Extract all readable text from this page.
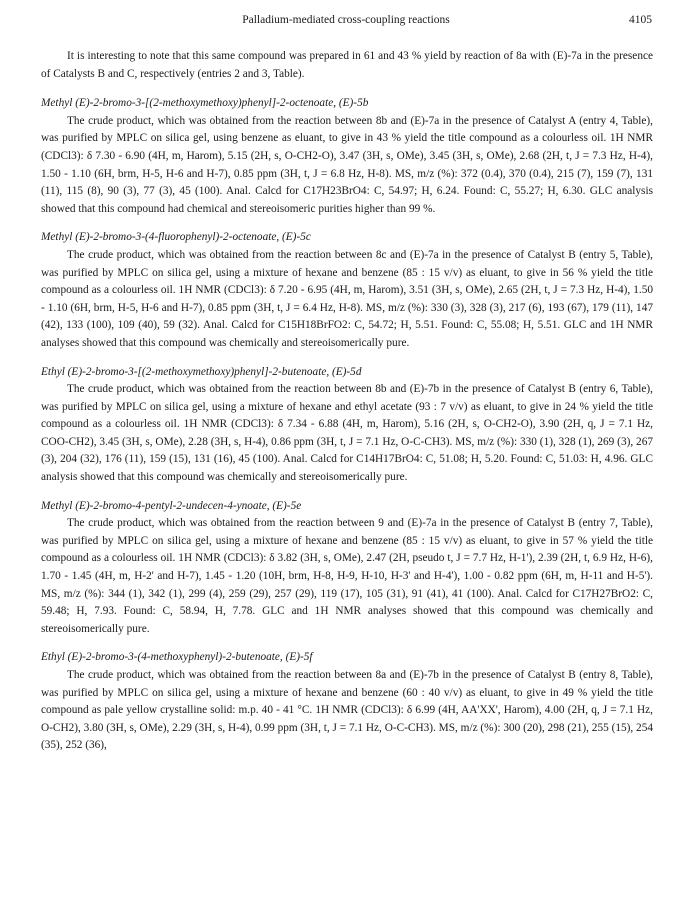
Palladium-mediated cross-coupling reactions	4105

It is interesting to note that this same compound was prepared in 61 and 43 % yield by reaction of 8a with (E)-7a in the presence of Catalysts B and C, respectively (entries 2 and 3, Table).

Methyl (E)-2-bromo-3-[(2-methoxymethoxy)phenyl]-2-octenoate, (E)-5b

The crude product, which was obtained from the reaction between 8b and (E)-7a in the presence of Catalyst A (entry 4, Table), was purified by MPLC on silica gel, using benzene as eluant, to give in 43 % yield the title compound as a colourless oil. 1H NMR (CDCl3): δ 7.30 - 6.90 (4H, m, Harom), 5.15 (2H, s, O-CH2-O), 3.47 (3H, s, OMe), 3.45 (3H, s, OMe), 2.68 (2H, t, J = 7.3 Hz, H-4), 1.50 - 1.10 (6H, brm, H-5, H-6 and H-7), 0.85 ppm (3H, t, J = 6.8 Hz, H-8). MS, m/z (%): 372 (0.4), 370 (0.4), 215 (7), 159 (7), 131 (11), 115 (8), 90 (3), 77 (3), 45 (100). Anal. Calcd for C17H23BrO4: C, 54.97; H, 6.24. Found: C, 55.27; H, 6.30. GLC analysis showed that this compound had chemical and stereoisomeric purities higher than 99 %.

Methyl (E)-2-bromo-3-(4-fluorophenyl)-2-octenoate, (E)-5c

The crude product, which was obtained from the reaction between 8c and (E)-7a in the presence of Catalyst B (entry 5, Table), was purified by MPLC on silica gel, using a mixture of hexane and benzene (85 : 15 v/v) as eluant, to give in 56 % yield the title compound as a colourless oil. 1H NMR (CDCl3): δ 7.20 - 6.95 (4H, m, Harom), 3.51 (3H, s, OMe), 2.65 (2H, t, J = 7.3 Hz, H-4), 1.50 - 1.10 (6H, brm, H-5, H-6 and H-7), 0.85 ppm (3H, t, J = 6.4 Hz, H-8). MS, m/z (%): 330 (3), 328 (3), 217 (6), 193 (67), 179 (11), 147 (42), 133 (100), 109 (40), 59 (32). Anal. Calcd for C15H18BrFO2: C, 54.72; H, 5.51. Found: C, 55.08; H, 5.51. GLC and 1H NMR analyses showed that this compound was chemically and stereoisomerically pure.

Ethyl (E)-2-bromo-3-[(2-methoxymethoxy)phenyl]-2-butenoate, (E)-5d

The crude product, which was obtained from the reaction between 8b and (E)-7b in the presence of Catalyst B (entry 6, Table), was purified by MPLC on silica gel, using a mixture of hexane and ethyl acetate (93 : 7 v/v) as eluant, to give in 24 % yield the title compound as a colourless oil. 1H NMR (CDCl3): δ 7.34 - 6.88 (4H, m, Harom), 5.16 (2H, s, O-CH2-O), 3.90 (2H, q, J = 7.1 Hz, COO-CH2), 3.45 (3H, s, OMe), 2.28 (3H, s, H-4), 0.86 ppm (3H, t, J = 7.1 Hz, O-C-CH3). MS, m/z (%): 330 (1), 328 (1), 269 (3), 267 (3), 204 (32), 176 (11), 159 (15), 131 (16), 45 (100). Anal. Calcd for C14H17BrO4: C, 51.08; H, 5.20. Found: C, 51.03: H, 4.96. GLC analysis showed that this compound was chemically and stereoisomerically pure.

Methyl (E)-2-bromo-4-pentyl-2-undecen-4-ynoate, (E)-5e

The crude product, which was obtained from the reaction between 9 and (E)-7a in the presence of Catalyst B (entry 7, Table), was purified by MPLC on silica gel, using a mixture of hexane and benzene (85 : 15 v/v) as eluant, to give in 57 % yield the title compound as a colourless oil. 1H NMR (CDCl3): δ 3.82 (3H, s, OMe), 2.47 (2H, pseudo t, J = 7.7 Hz, H-1'), 2.39 (2H, t, 6.9 Hz, H-6), 1.70 - 1.45 (4H, m, H-2' and H-7), 1.45 - 1.20 (10H, brm, H-8, H-9, H-10, H-3' and H-4'), 1.00 - 0.82 ppm (6H, m, H-11 and H-5'). MS, m/z (%): 344 (1), 342 (1), 299 (4), 259 (29), 257 (29), 119 (17), 105 (31), 91 (41), 41 (100). Anal. Calcd for C17H27BrO2: C, 59.48; H, 7.93. Found: C, 58.94, H, 7.78. GLC and 1H NMR analyses showed that this compound was chemically and stereoisomerically pure.

Ethyl (E)-2-bromo-3-(4-methoxyphenyl)-2-butenoate, (E)-5f

The crude product, which was obtained from the reaction between 8a and (E)-7b in the presence of Catalyst B (entry 8, Table), was purified by MPLC on silica gel, using a mixture of hexane and benzene (60 : 40 v/v) as eluant, to give in 49 % yield the title compound as pale yellow crystalline solid: m.p. 40 - 41 °C. 1H NMR (CDCl3): δ 6.99 (4H, AA'XX', Harom), 4.00 (2H, q, J = 7.1 Hz, O-CH2), 3.80 (3H, s, OMe), 2.29 (3H, s, H-4), 0.99 ppm (3H, t, J = 7.1 Hz, O-C-CH3). MS, m/z (%): 300 (20), 298 (21), 255 (15), 254 (35), 252 (36),
